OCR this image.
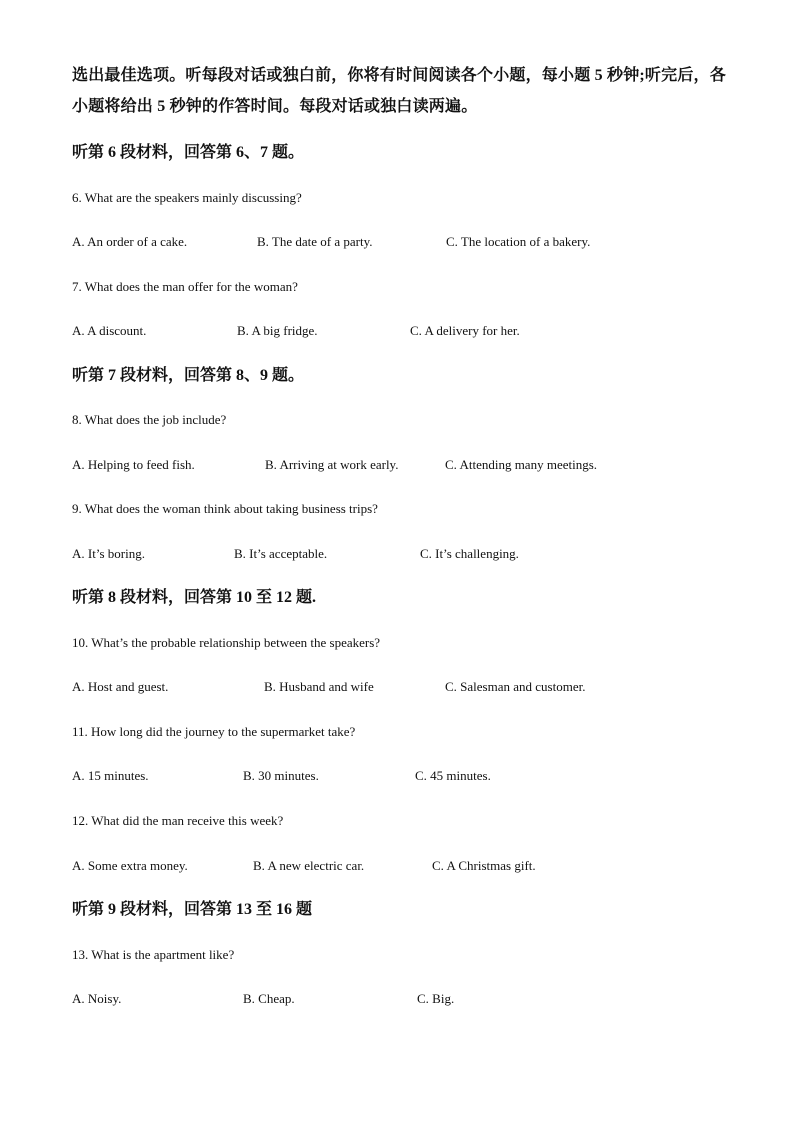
选出最佳选项。听每段对话或独白前，你将有时间阅读各个小题，每小题 5 秒钟;听完后，各
小题将给出 5 秒钟的作答时间。每段对话或独白读两遍。
听第 6 段材料，回答第 6、7 题。
6. What are the speakers mainly discussing?
A. An order of a cake.	B. The date of a party.	C. The location of a bakery.
7. What does the man offer for the woman?
A. A discount.	B. A big fridge.	C. A delivery for her.
听第 7 段材料，回答第 8、9 题。
8. What does the job include?
A. Helping to feed fish.	B. Arriving at work early.	C. Attending many meetings.
9. What does the woman think about taking business trips?
A. It’s boring.	B. It’s acceptable.	C. It’s challenging.
听第 8 段材料，回答第 10 至 12 题.
10. What’s the probable relationship between the speakers?
A. Host and guest.	B. Husband and wife	C. Salesman and customer.
11. How long did the journey to the supermarket take?
A. 15 minutes.	B. 30 minutes.	C. 45 minutes.
12. What did the man receive this week?
A. Some extra money.	B. A new electric car.	C. A Christmas gift.
听第 9 段材料，回答第 13 至 16 题
13. What is the apartment like?
A. Noisy.	B. Cheap.	C. Big.
